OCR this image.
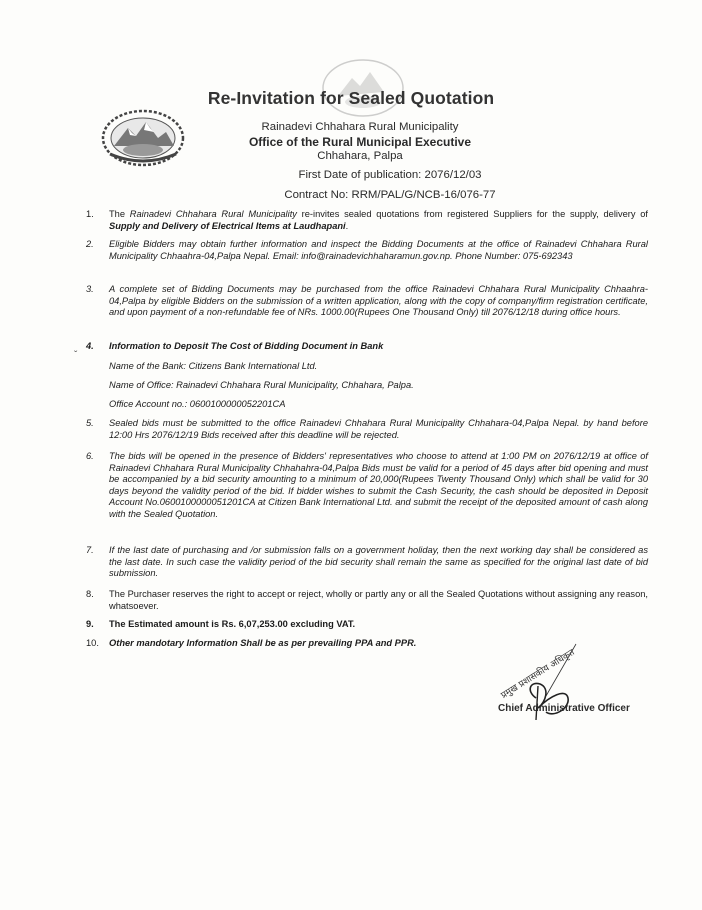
Re-Invitation for Sealed Quotation
Rainadevi Chhahara Rural Municipality
Office of the Rural Municipal Executive
Chhahara, Palpa
First Date of publication: 2076/12/03
Contract No: RRM/PAL/G/NCB-16/076-77
1.	The Rainadevi Chhahara Rural Municipality re-invites sealed quotations from registered Suppliers for the supply, delivery of Supply and Delivery of Electrical Items at Laudhapani.
2.	Eligible Bidders may obtain further information and inspect the Bidding Documents at the office of Rainadevi Chhahara Rural Municipality Chhaahra-04,Palpa Nepal. Email: info@rainadevichhaharamun.gov.np. Phone Number: 075-692343
3.	A complete set of Bidding Documents may be purchased from the office Rainadevi Chhahara Rural Municipality Chhaahra-04,Palpa by eligible Bidders on the submission of a written application, along with the copy of company/firm registration certificate, and upon payment of a non-refundable fee of NRs. 1000.00(Rupees One Thousand Only) till 2076/12/18 during office hours.
4.	Information to Deposit The Cost of Bidding Document in Bank
ˇ
Name of the Bank: Citizens Bank International Ltd.
Name of Office: Rainadevi Chhahara Rural Municipality, Chhahara, Palpa.
Office Account no.: 0600100000052201CA
5.	Sealed bids must be submitted to the office Rainadevi Chhahara Rural Municipality Chhahara-04,Palpa Nepal. by hand before 12:00 Hrs 2076/12/19 Bids received after this deadline will be rejected.
6.	The bids will be opened in the presence of Bidders' representatives who choose to attend at 1:00 PM on 2076/12/19 at office of Rainadevi Chhahara Rural Municipality Chhahahra-04,Palpa Bids must be valid for a period of 45 days after bid opening and must be accompanied by a bid security amounting to a minimum of 20,000(Rupees Twenty Thousand Only) which shall be valid for 30 days beyond the validity period of the bid. If bidder wishes to submit the Cash Security, the cash should be deposited in Deposit Account No.0600100000051201CA at Citizen Bank International Ltd. and submit the receipt of the deposited amount of cash along with the Sealed Quotation.
7.	If the last date of purchasing and /or submission falls on a government holiday, then the next working day shall be considered as the last date. In such case the validity period of the bid security shall remain the same as specified for the original last date of bid submission.
8.	The Purchaser reserves the right to accept or reject, wholly or partly any or all the Sealed Quotations without assigning any reason, whatsoever.
9.	The Estimated amount is Rs. 6,07,253.00 excluding VAT.
10.	Other mandotary Information Shall be as per prevailing PPA and PPR.
प्रमुख प्रशासकीय अधिकृत
Chief Administrative Officer
